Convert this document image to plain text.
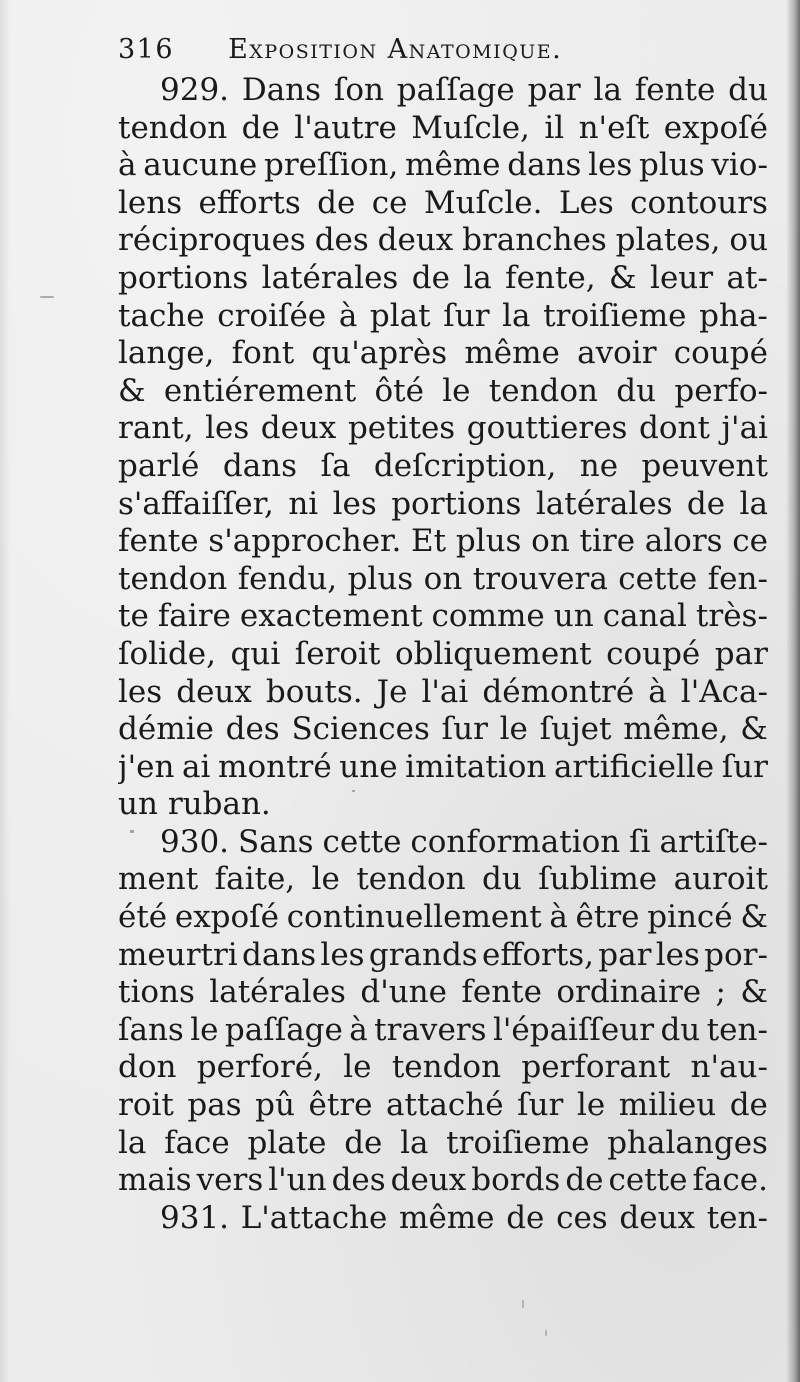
316 Exposition Anatomique.
929. Dans ſon paſſage par la fente du
tendon de l'autre Muſcle, il n'eſt expoſé
à aucune preſſion, même dans les plus vio-
lens efforts de ce Muſcle. Les contours
réciproques des deux branches plates, ou
portions latérales de la fente, & leur at-
tache croiſée à plat ſur la troiſieme pha-
lange, font qu'après même avoir coupé
& entiérement ôté le tendon du perfo-
rant, les deux petites gouttieres dont j'ai
parlé dans ſa deſcription, ne peuvent
s'affaiſſer, ni les portions latérales de la
fente s'approcher. Et plus on tire alors ce
tendon fendu, plus on trouvera cette fen-
te faire exactement comme un canal très-
ſolide, qui ſeroit obliquement coupé par
les deux bouts. Je l'ai démontré à l'Aca-
démie des Sciences ſur le ſujet même, &
j'en ai montré une imitation artificielle ſur
un ruban.
930. Sans cette conformation ſi artiſte-
ment faite, le tendon du ſublime auroit
été expoſé continuellement à être pincé &
meurtri dans les grands efforts, par les por-
tions latérales d'une fente ordinaire ; &
ſans le paſſage à travers l'épaiſſeur du ten-
don perforé, le tendon perforant n'au-
roit pas pû être attaché ſur le milieu de
la face plate de la troiſieme phalanges
mais vers l'un des deux bords de cette face.
931. L'attache même de ces deux ten-
